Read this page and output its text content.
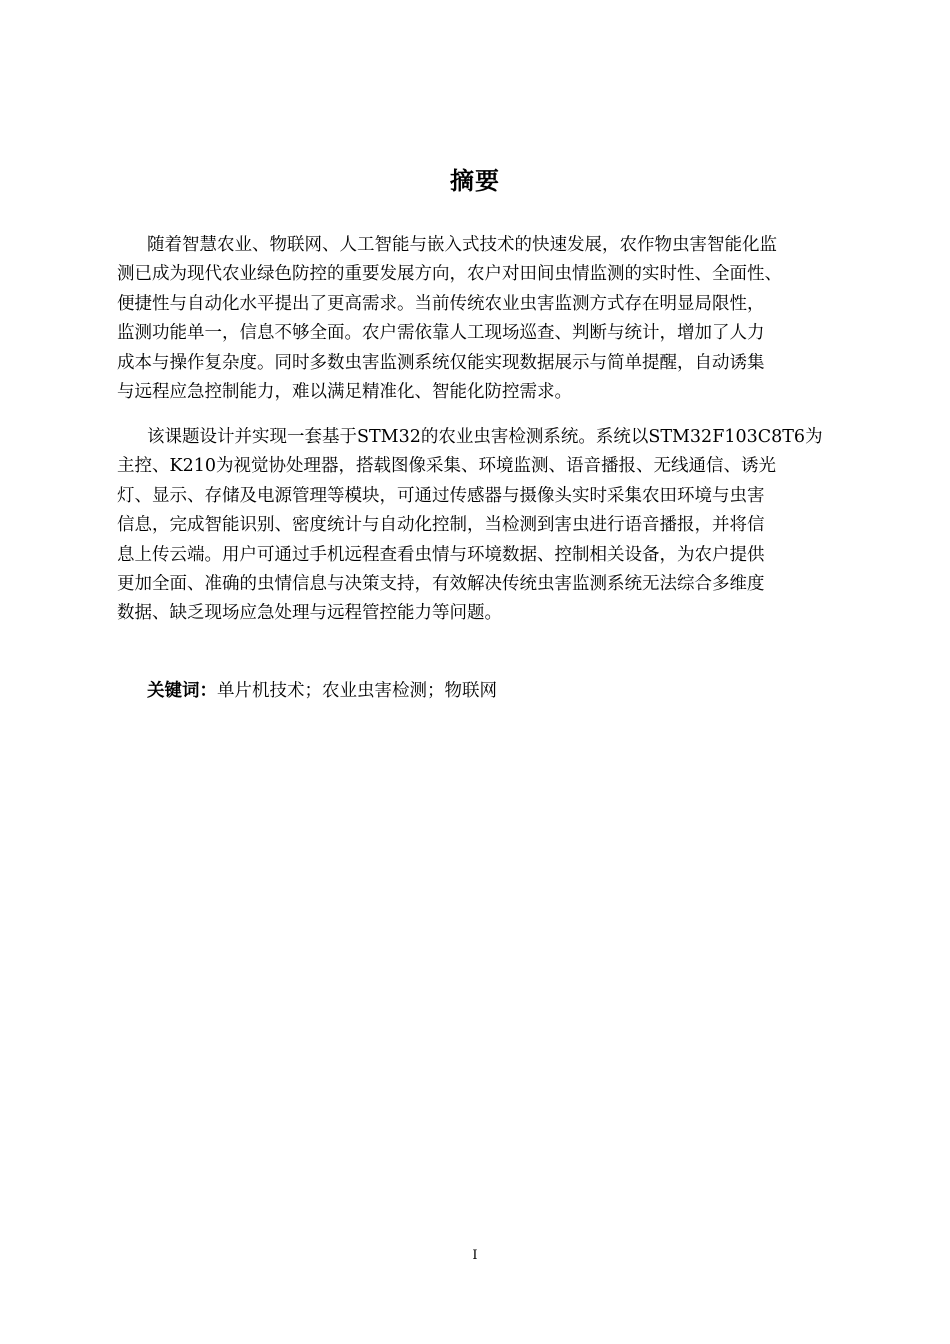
摘要
随着智慧农业、物联网、人工智能与嵌入式技术的快速发展，农作物虫害智能化监
测已成为现代农业绿色防控的重要发展方向，农户对田间虫情监测的实时性、全面性、
便捷性与自动化水平提出了更高需求。当前传统农业虫害监测方式存在明显局限性，
监测功能单一，信息不够全面。农户需依靠人工现场巡查、判断与统计，增加了人力
成本与操作复杂度。同时多数虫害监测系统仅能实现数据展示与简单提醒，自动诱集
与远程应急控制能力，难以满足精准化、智能化防控需求。
该课题设计并实现一套基于STM32的农业虫害检测系统。系统以STM32F103C8T6为
主控、K210为视觉协处理器，搭载图像采集、环境监测、语音播报、无线通信、诱光
灯、显示、存储及电源管理等模块，可通过传感器与摄像头实时采集农田环境与虫害
信息，完成智能识别、密度统计与自动化控制，当检测到害虫进行语音播报，并将信
息上传云端。用户可通过手机远程查看虫情与环境数据、控制相关设备，为农户提供
更加全面、准确的虫情信息与决策支持，有效解决传统虫害监测系统无法综合多维度
数据、缺乏现场应急处理与远程管控能力等问题。
关键词：单片机技术；农业虫害检测；物联网
I
